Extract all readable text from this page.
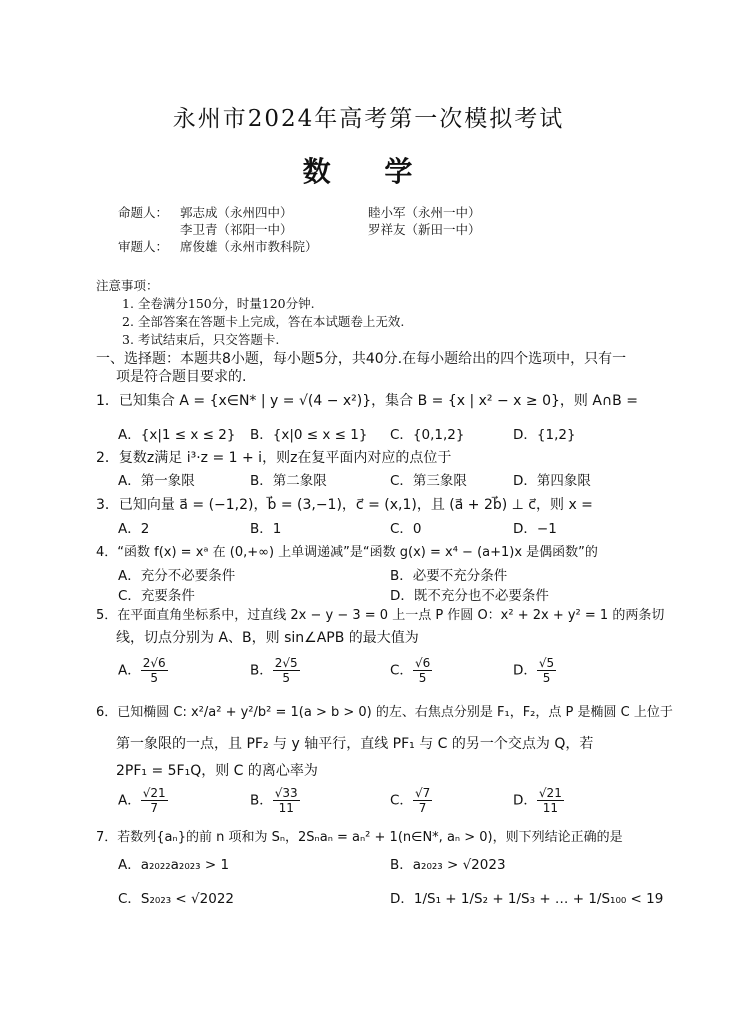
永州市2024年高考第一次模拟考试
数 学
命题人： 郭志成（永州四中）	睦小军（永州一中）
李卫青（祁阳一中）	罗祥友（新田一中）
审题人： 席俊雄（永州市教科院）
注意事项：
1. 全卷满分150分，时量120分钟.
2. 全部答案在答题卡上完成，答在本试题卷上无效.
3. 考试结束后，只交答题卡.
一、选择题：本题共8小题，每小题5分，共40分.在每小题给出的四个选项中，只有一
项是符合题目要求的.
1．已知集合 A = {x∈N* | y = √(4 − x²)}，集合 B = {x | x² − x ≥ 0}，则 A∩B =
A．{x|1 ≤ x ≤ 2} B．{x|0 ≤ x ≤ 1} C．{0,1,2}	D．{1,2}
2．复数z满足 i³·z = 1 + i，则z在复平面内对应的点位于
A．第一象限	B．第二象限	C．第三象限	D．第四象限
3．已知向量 a⃗ = (−1,2)，b⃗ = (3,−1)，c⃗ = (x,1)，且 (a⃗ + 2b⃗) ⊥ c⃗，则 x =
A．2	B．1	C．0	D．−1
4．“函数 f(x) = xᵃ 在 (0,+∞) 上单调递减”是“函数 g(x) = x⁴ − (a+1)x 是偶函数”的
A．充分不必要条件	B．必要不充分条件
C．充要条件	D．既不充分也不必要条件
5．在平面直角坐标系中，过直线 2x − y − 3 = 0 上一点 P 作圆 O：x² + 2x + y² = 1 的两条切
线，切点分别为 A、B，则 sin∠APB 的最大值为
A． $\frac{2√6}{5}$	B． $\frac{2√5}{5}$	C． $\frac{√6}{5}$	D． $\frac{√5}{5}$
6．已知椭圆 C: x²/a² + y²/b² = 1(a > b > 0) 的左、右焦点分别是 F₁，F₂，点 P 是椭圆 C 上位于
第一象限的一点，且 PF₂ 与 y 轴平行，直线 PF₁ 与 C 的另一个交点为 Q，若
2PF₁ = 5F₁Q，则 C 的离心率为
A． $\frac{√21}{7}$	B． $\frac{√33}{11}$	C． $\frac{√7}{7}$	D． $\frac{√21}{11}$
7．若数列{aₙ}的前 n 项和为 Sₙ，2Sₙaₙ = aₙ² + 1(n∈N*, aₙ > 0)，则下列结论正确的是
A．a₂₀₂₂a₂₀₂₃ > 1	B．a₂₀₂₃ > √2023
C．S₂₀₂₃ < √2022	D．1/S₁ + 1/S₂ + 1/S₃ + … + 1/S₁₀₀ < 19
